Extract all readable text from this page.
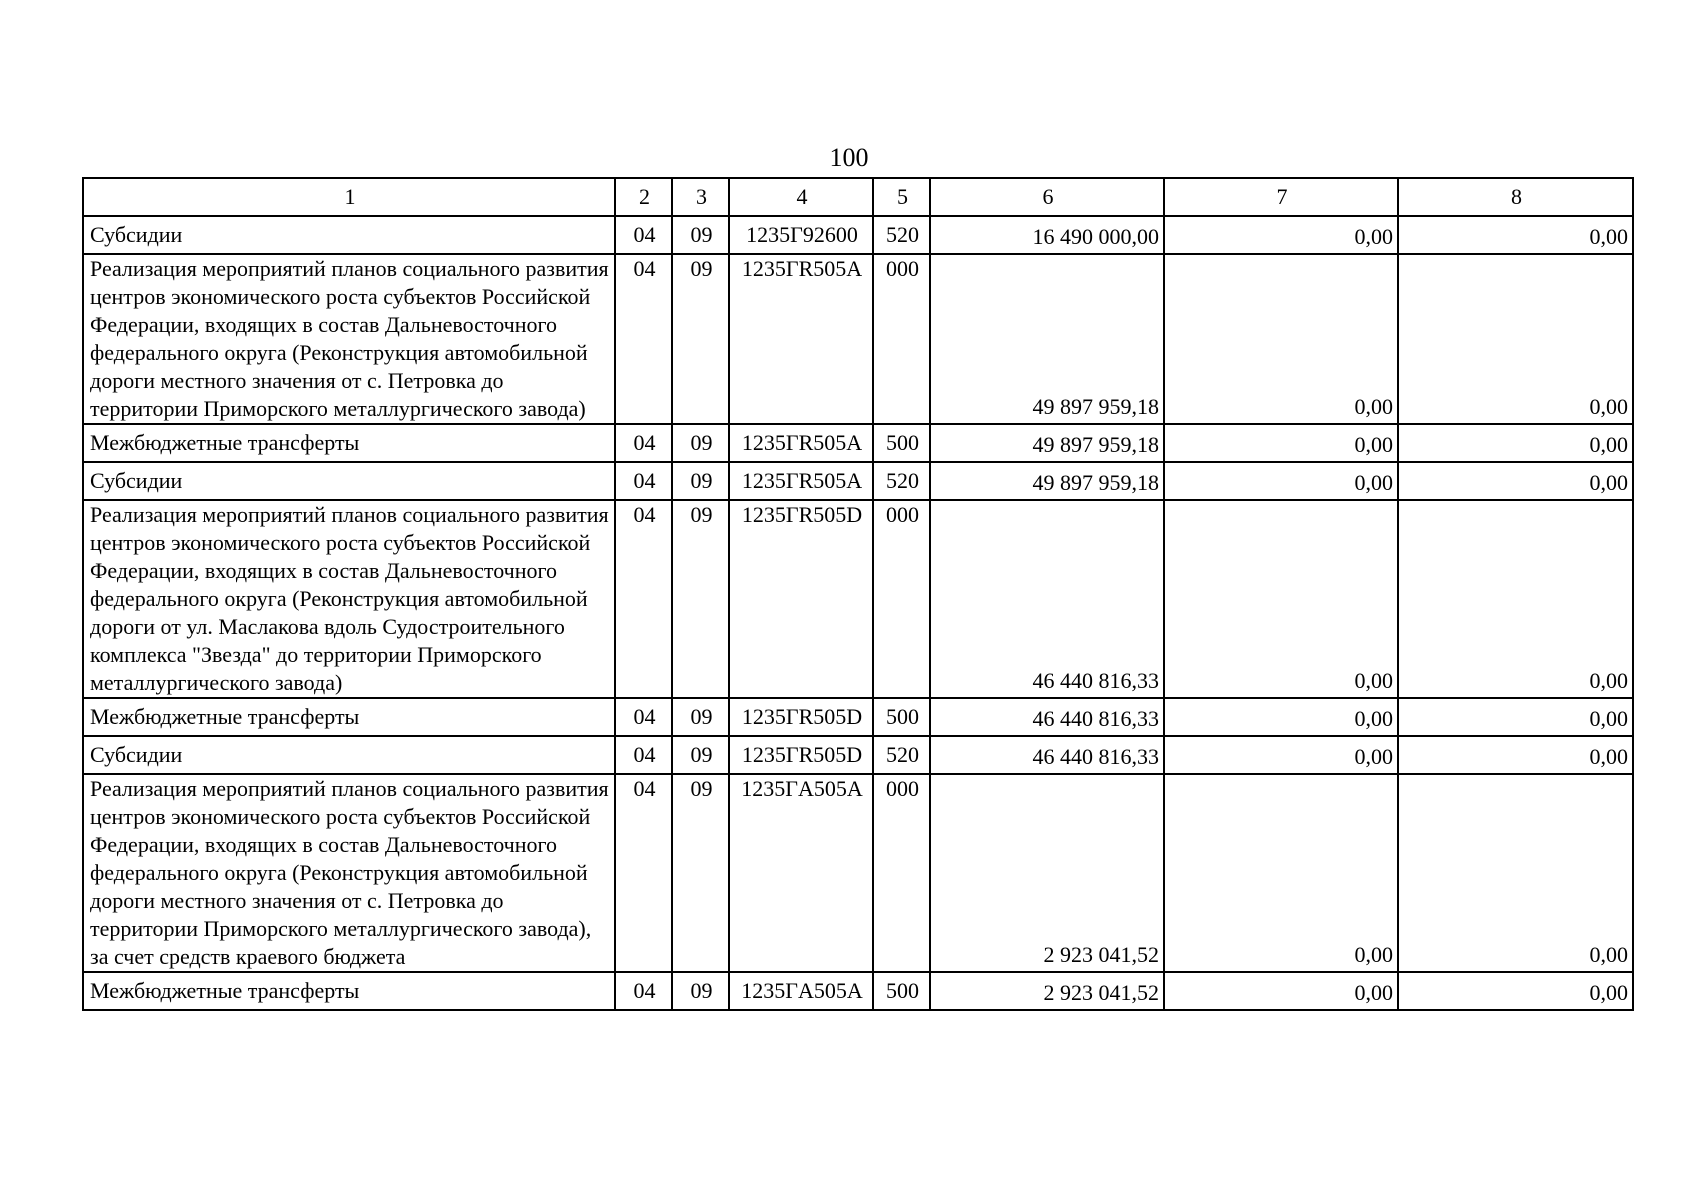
100
1	2	3	4	5	6	7	8
Субсидии	04	09	1235Г92600	520	16 490 000,00	0,00	0,00
Реализация мероприятий планов социального развития центров экономического роста субъектов Российской Федерации, входящих в состав Дальневосточного федерального округа (Реконструкция автомобильной дороги местного значения от с. Петровка до территории Приморского металлургического завода)	04	09	1235ГR505A	000	49 897 959,18	0,00	0,00
Межбюджетные трансферты	04	09	1235ГR505A	500	49 897 959,18	0,00	0,00
Субсидии	04	09	1235ГR505A	520	49 897 959,18	0,00	0,00
Реализация мероприятий планов социального развития центров экономического роста субъектов Российской Федерации, входящих в состав Дальневосточного федерального округа (Реконструкция автомобильной дороги от ул. Маслакова вдоль Судостроительного комплекса "Звезда" до территории Приморского металлургического завода)	04	09	1235ГR505D	000	46 440 816,33	0,00	0,00
Межбюджетные трансферты	04	09	1235ГR505D	500	46 440 816,33	0,00	0,00
Субсидии	04	09	1235ГR505D	520	46 440 816,33	0,00	0,00
Реализация мероприятий планов социального развития центров экономического роста субъектов Российской Федерации, входящих в состав Дальневосточного федерального округа (Реконструкция автомобильной дороги местного значения от с. Петровка до территории Приморского металлургического завода), за счет средств краевого бюджета	04	09	1235ГA505A	000	2 923 041,52	0,00	0,00
Межбюджетные трансферты	04	09	1235ГA505A	500	2 923 041,52	0,00	0,00
